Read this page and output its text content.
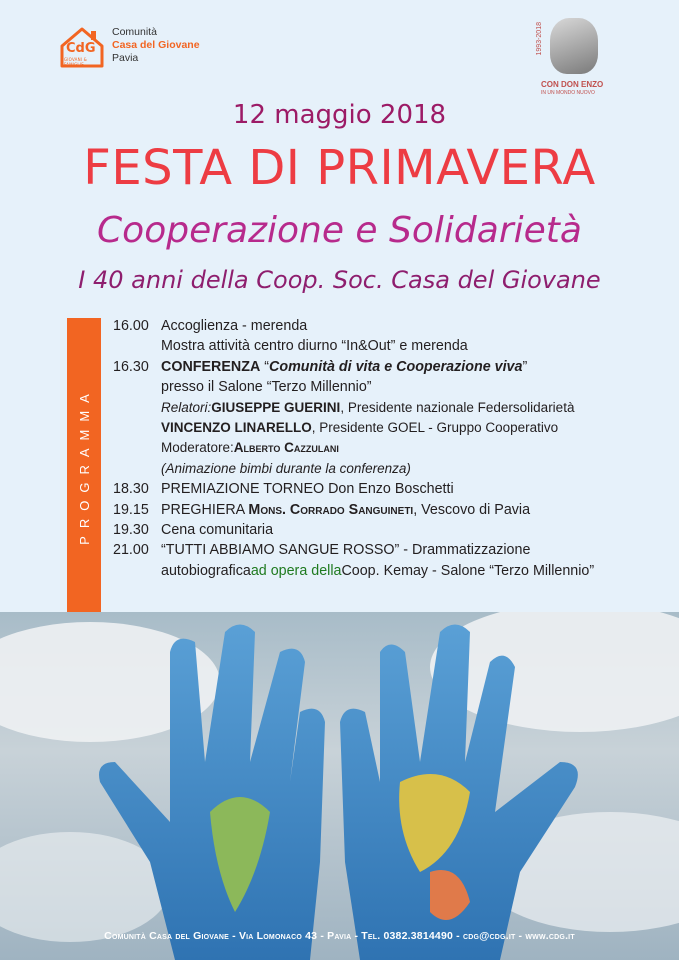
CdG
GIOVANI & FAMIGLIE
Comunità
Casa del Giovane
Pavia
1993-2018
CON DON ENZO
IN UN MONDO NUOVO
12 maggio 2018
FESTA DI PRIMAVERA
Cooperazione e Solidarietà
I 40 anni della Coop. Soc. Casa del Giovane
PROGRAMMA
16.00 Accoglienza - merenda
Mostra attività centro diurno “In&Out” e merenda
16.30 CONFERENZA “Comunità di vita e Cooperazione viva”
presso il Salone “Terzo Millennio”
Relatori: GIUSEPPE GUERINI , Presidente nazionale Federsolidarietà
VINCENZO LINARELLO , Presidente GOEL - Gruppo Cooperativo
Moderatore: Alberto Cazzulani
(Animazione bimbi durante la conferenza)
18.30 PREMIAZIONE TORNEO Don Enzo Boschetti
19.15 PREGHIERA Mons. Corrado Sanguineti, Vescovo di Pavia
19.30 Cena comunitaria
21.00 “TUTTI ABBIAMO SANGUE ROSSO” - Drammatizzazione
autobiografica ad opera della Coop. Kemay - Salone “Terzo Millennio”
Comunità Casa del Giovane - Via Lomonaco 43 - Pavia - Tel. 0382.3814490 - cdg@cdg.it - www.cdg.it
